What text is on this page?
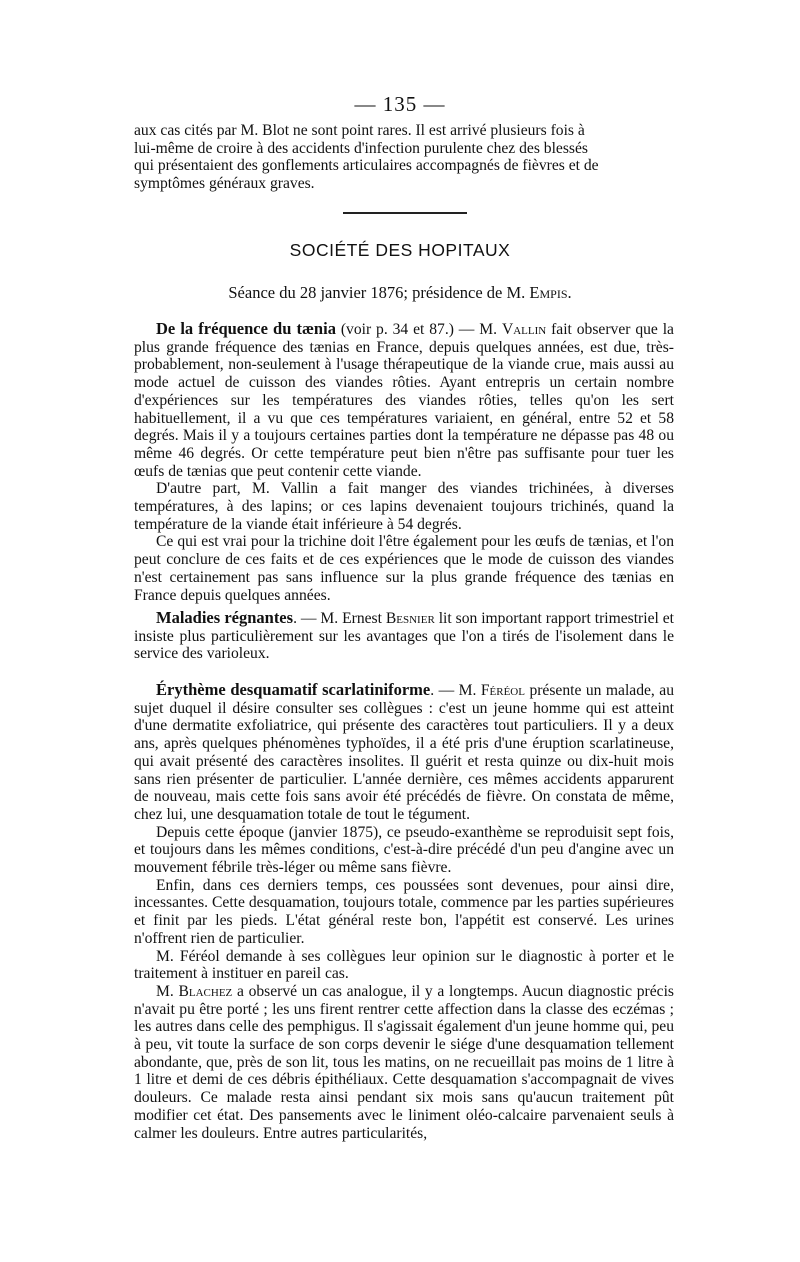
— 135 —

aux cas cités par M. Blot ne sont point rares. Il est arrivé plusieurs fois à

lui-même de croire à des accidents d'infection purulente chez des blessés

qui présentaient des gonflements articulaires accompagnés de fièvres et de

symptômes généraux graves.

SOCIÉTÉ DES HOPITAUX
Séance du 28 janvier 1876; présidence de M. Empis.

De la fréquence du tænia (voir p. 34 et 87.) — M. Vallin fait observer que la plus grande fréquence des tænias en France, depuis quelques années, est due, très-probablement, non-seulement à l'usage thérapeutique de la viande crue, mais aussi au mode actuel de cuisson des viandes rôties. Ayant entrepris un certain nombre d'expériences sur les températures des viandes rôties, telles qu'on les sert habituellement, il a vu que ces températures variaient, en général, entre 52 et 58 degrés. Mais il y a toujours certaines parties dont la température ne dépasse pas 48 ou même 46 degrés. Or cette température peut bien n'être pas suffisante pour tuer les œufs de tænias que peut contenir cette viande.

D'autre part, M. Vallin a fait manger des viandes trichinées, à diverses températures, à des lapins; or ces lapins devenaient toujours trichinés, quand la température de la viande était inférieure à 54 degrés.

Ce qui est vrai pour la trichine doit l'être également pour les œufs de tænias, et l'on peut conclure de ces faits et de ces expériences que le mode de cuisson des viandes n'est certainement pas sans influence sur la plus grande fréquence des tænias en France depuis quelques années.

Maladies régnantes. — M. Ernest Besnier lit son important rapport trimestriel et insiste plus particulièrement sur les avantages que l'on a tirés de l'isolement dans le service des varioleux.

Érythème desquamatif scarlatiniforme. — M. Féréol présente un malade, au sujet duquel il désire consulter ses collègues : c'est un jeune homme qui est atteint d'une dermatite exfoliatrice, qui présente des caractères tout particuliers. Il y a deux ans, après quelques phénomènes typhoïdes, il a été pris d'une éruption scarlatineuse, qui avait présenté des caractères insolites. Il guérit et resta quinze ou dix-huit mois sans rien présenter de particulier. L'année dernière, ces mêmes accidents apparurent de nouveau, mais cette fois sans avoir été précédés de fièvre. On constata de même, chez lui, une desquamation totale de tout le tégument.

Depuis cette époque (janvier 1875), ce pseudo-exanthème se reproduisit sept fois, et toujours dans les mêmes conditions, c'est-à-dire précédé d'un peu d'angine avec un mouvement fébrile très-léger ou même sans fièvre.

Enfin, dans ces derniers temps, ces poussées sont devenues, pour ainsi dire, incessantes. Cette desquamation, toujours totale, commence par les parties supérieures et finit par les pieds. L'état général reste bon, l'appétit est conservé. Les urines n'offrent rien de particulier.

M. Féréol demande à ses collègues leur opinion sur le diagnostic à porter et le traitement à instituer en pareil cas.

M. Blachez a observé un cas analogue, il y a longtemps. Aucun diagnostic précis n'avait pu être porté ; les uns firent rentrer cette affection dans la classe des eczémas ; les autres dans celle des pemphigus. Il s'agissait également d'un jeune homme qui, peu à peu, vit toute la surface de son corps devenir le siége d'une desquamation tellement abondante, que, près de son lit, tous les matins, on ne recueillait pas moins de 1 litre à 1 litre et demi de ces débris épithéliaux. Cette desquamation s'accompagnait de vives douleurs. Ce malade resta ainsi pendant six mois sans qu'aucun traitement pût modifier cet état. Des pansements avec le liniment oléo-calcaire parvenaient seuls à calmer les douleurs. Entre autres particularités,
